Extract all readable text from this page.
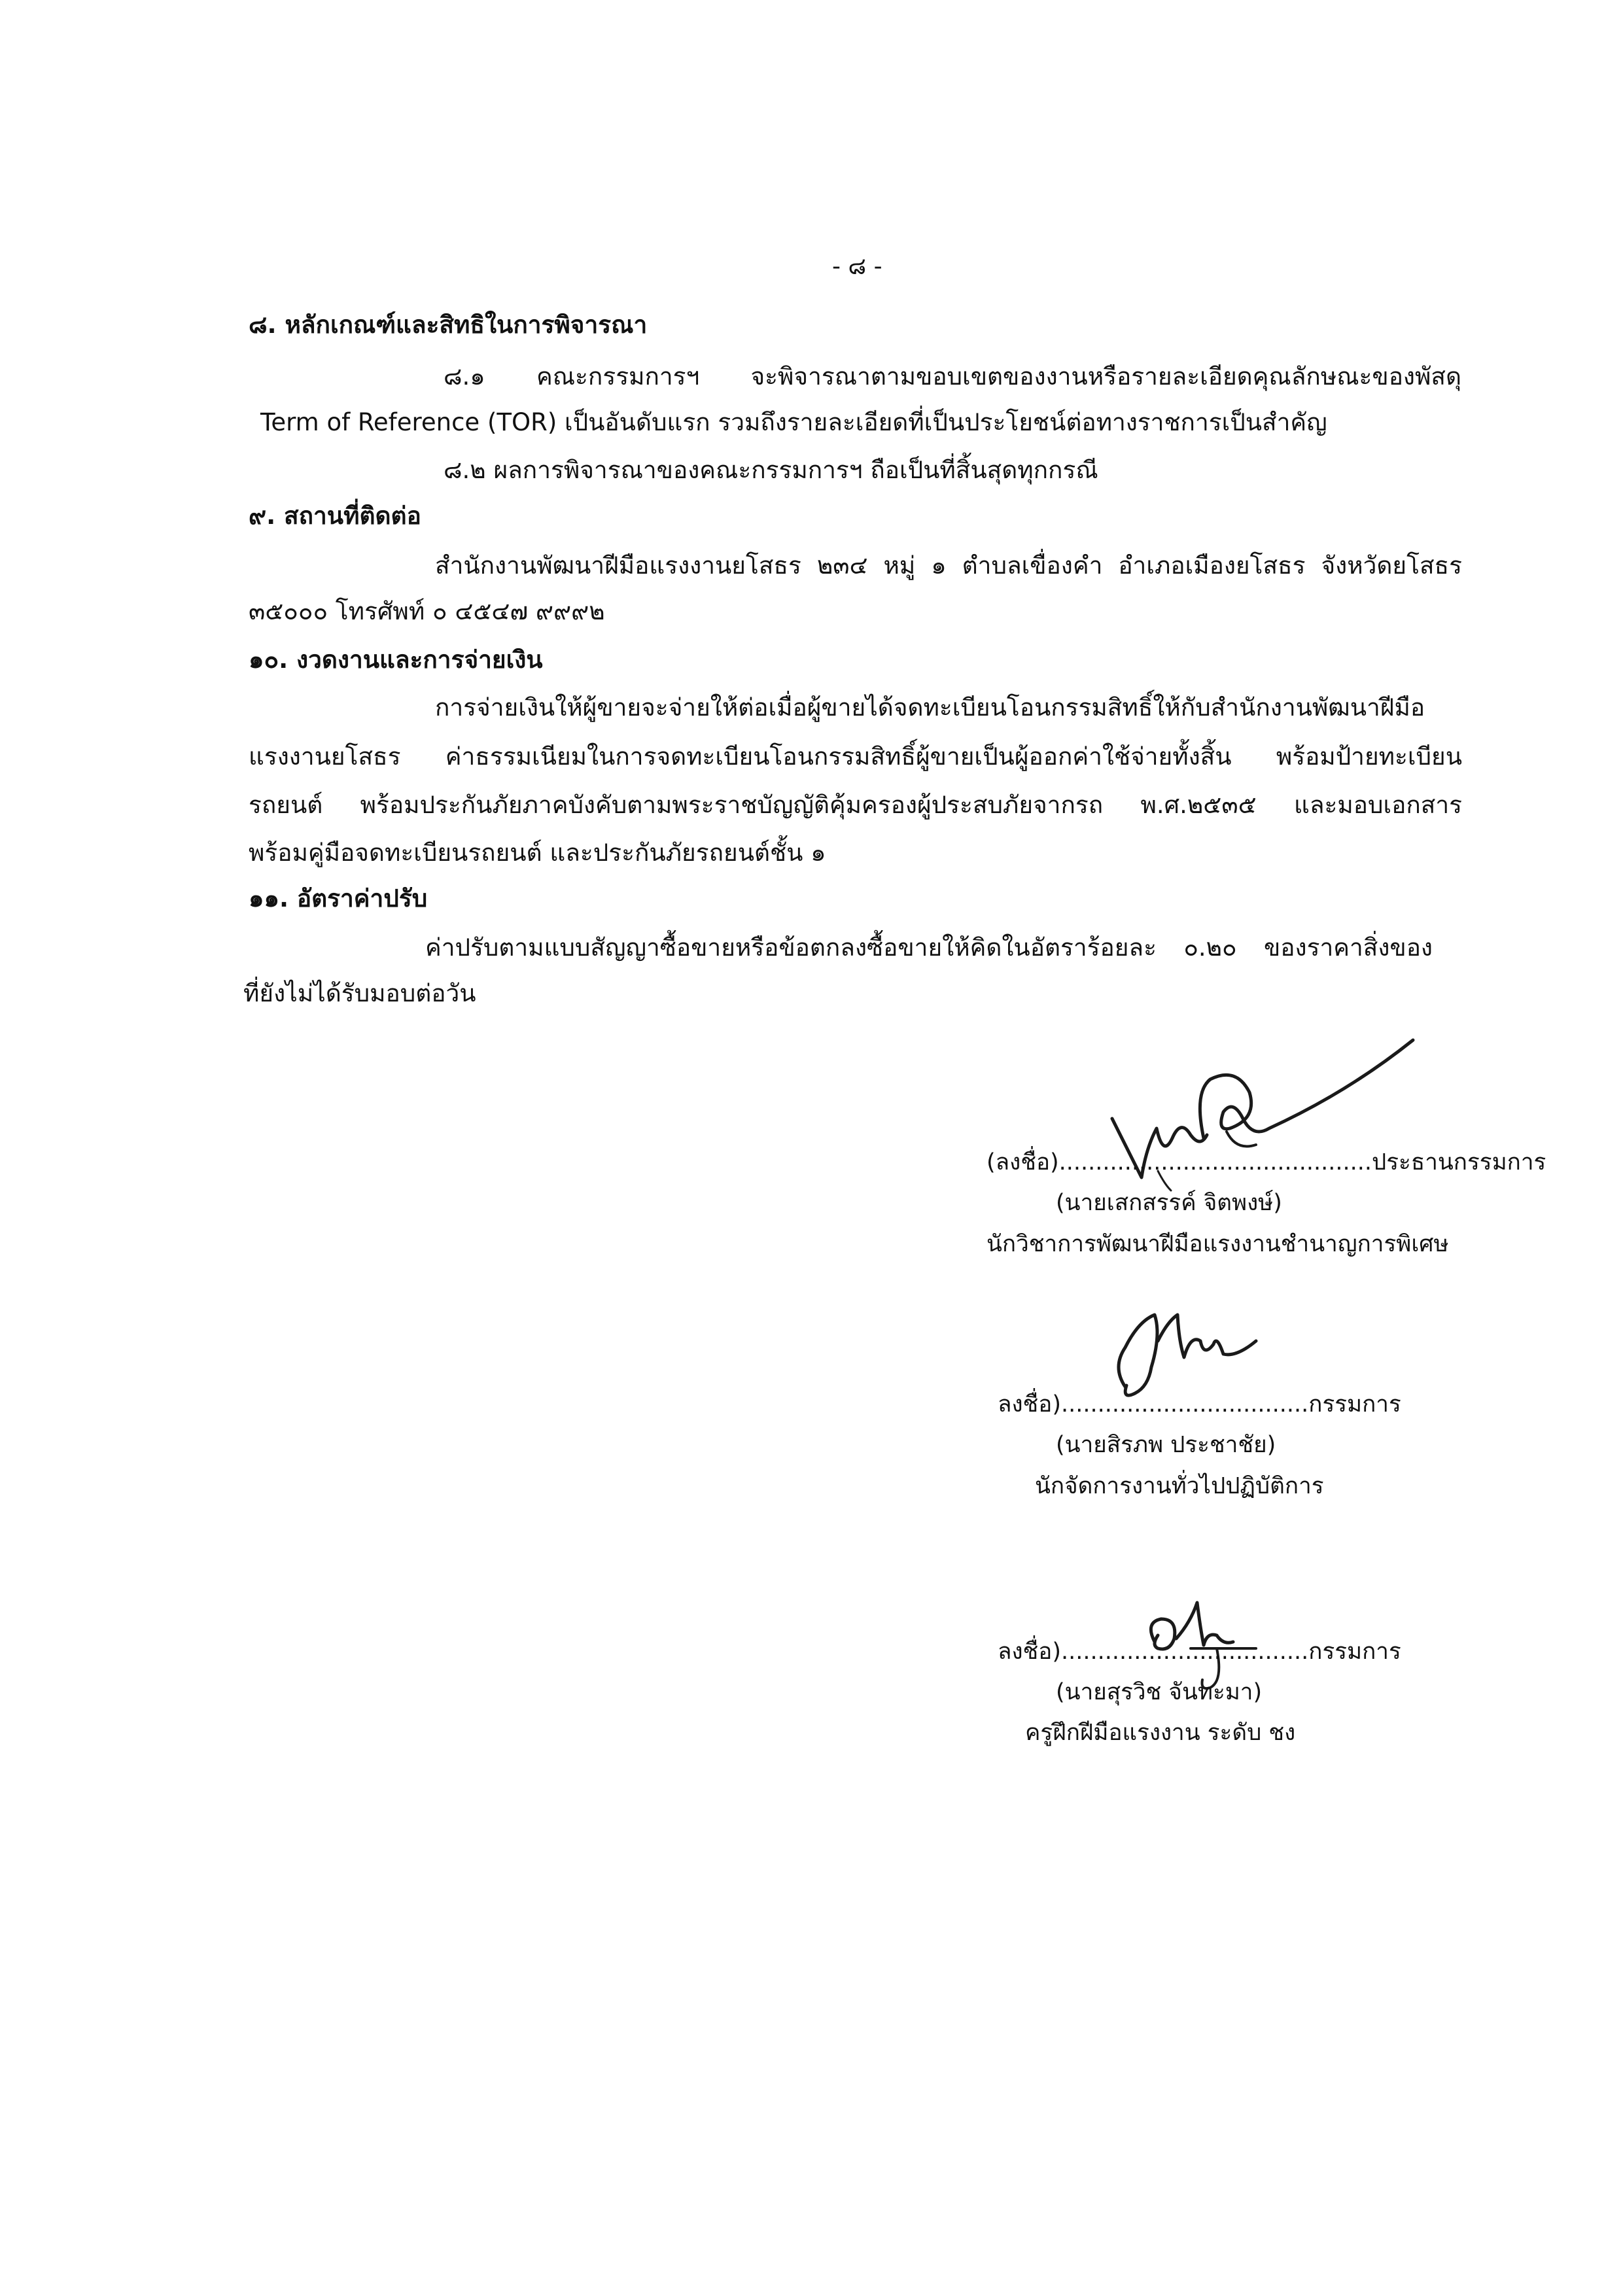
- ๘ -
๘. หลักเกณฑ์และสิทธิในการพิจารณา
๘.๑ คณะกรรมการฯ จะพิจารณาตามขอบเขตของงานหรือรายละเอียดคุณลักษณะของพัสดุ
Term of Reference (TOR) เป็นอันดับแรก รวมถึงรายละเอียดที่เป็นประโยชน์ต่อทางราชการเป็นสำคัญ
๘.๒ ผลการพิจารณาของคณะกรรมการฯ ถือเป็นที่สิ้นสุดทุกกรณี
๙. สถานที่ติดต่อ
สำนักงานพัฒนาฝีมือแรงงานยโสธร ๒๓๔ หมู่ ๑ ตำบลเขื่องคำ อำเภอเมืองยโสธร จังหวัดยโสธร
๓๕๐๐๐ โทรศัพท์ ๐ ๔๕๔๗ ๙๙๙๒
๑๐. งวดงานและการจ่ายเงิน
การจ่ายเงินให้ผู้ขายจะจ่ายให้ต่อเมื่อผู้ขายได้จดทะเบียนโอนกรรมสิทธิ์ให้กับสำนักงานพัฒนาฝีมือ
แรงงานยโสธร ค่าธรรมเนียมในการจดทะเบียนโอนกรรมสิทธิ์ผู้ขายเป็นผู้ออกค่าใช้จ่ายทั้งสิ้น พร้อมป้ายทะเบียน
รถยนต์ พร้อมประกันภัยภาคบังคับตามพระราชบัญญัติคุ้มครองผู้ประสบภัยจากรถ พ.ศ.๒๕๓๕ และมอบเอกสาร
พร้อมคู่มือจดทะเบียนรถยนต์ และประกันภัยรถยนต์ชั้น ๑
๑๑. อัตราค่าปรับ
ค่าปรับตามแบบสัญญาซื้อขายหรือข้อตกลงซื้อขายให้คิดในอัตราร้อยละ ๐.๒๐ ของราคาสิ่งของ
ที่ยังไม่ได้รับมอบต่อวัน
(ลงชื่อ)...........................................ประธานกรรมการ
(นายเสกสรรค์ จิตพงษ์)
นักวิชาการพัฒนาฝีมือแรงงานชำนาญการพิเศษ
ลงชื่อ)..................................กรรมการ
(นายสิรภพ ประชาชัย)
นักจัดการงานทั่วไปปฏิบัติการ
ลงชื่อ)..................................กรรมการ
(นายสุรวิช จันทะมา)
ครูฝึกฝีมือแรงงาน ระดับ ชง
